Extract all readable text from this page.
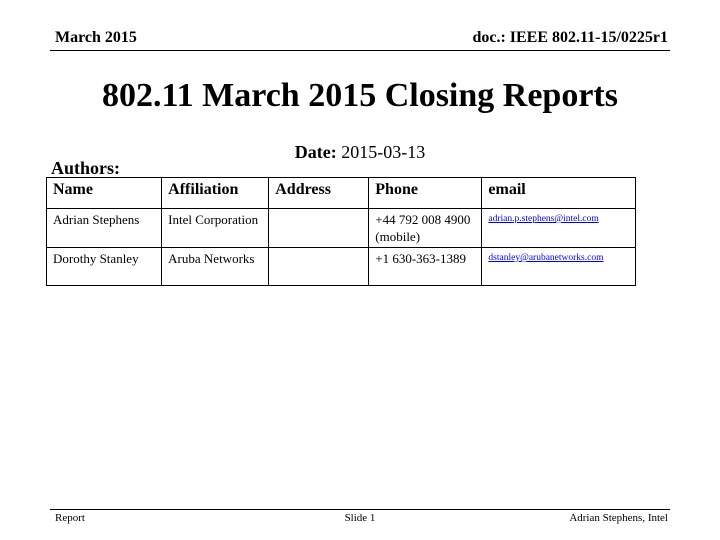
March 2015	doc.: IEEE 802.11-15/0225r1
802.11 March 2015 Closing Reports
Date: 2015-03-13
Authors:
Name	Affiliation	Address	Phone	email
Adrian Stephens	Intel Corporation		+44 792 008 4900 (mobile)	adrian.p.stephens@intel.com
Dorothy Stanley	Aruba Networks		+1 630-363-1389	dstanley@arubanetworks.com
Report	Slide 1	Adrian Stephens, Intel
